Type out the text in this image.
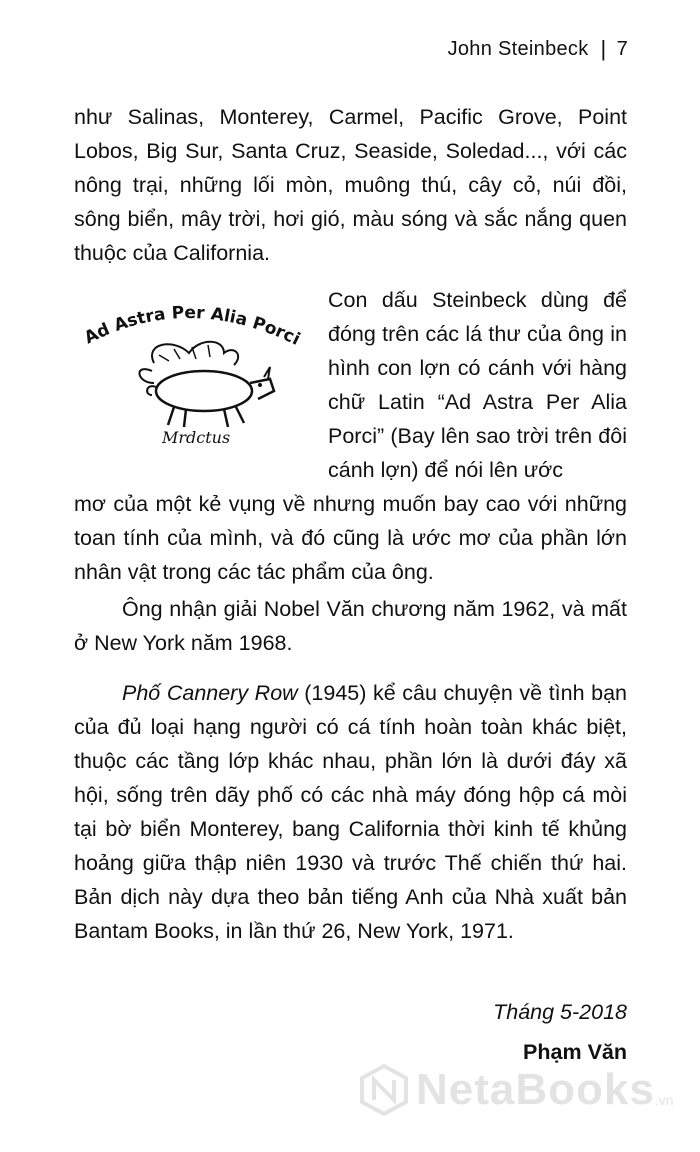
John Steinbeck | 7

như Salinas, Monterey, Carmel, Pacific Grove, Point Lobos, Big Sur, Santa Cruz, Seaside, Soledad..., với các nông trại, những lối mòn, muông thú, cây cỏ, núi đồi, sông biển, mây trời, hơi gió, màu sóng và sắc nắng quen thuộc của California.

Ad Astra Per Alia Porci
Mrdctus

Con dấu Steinbeck dùng để đóng trên các lá thư của ông in hình con lợn có cánh với hàng chữ Latin “Ad Astra Per Alia Porci” (Bay lên sao trời trên đôi cánh lợn) để nói lên ước

mơ của một kẻ vụng về nhưng muốn bay cao với những toan tính của mình, và đó cũng là ước mơ của phần lớn nhân vật trong các tác phẩm của ông.

Ông nhận giải Nobel Văn chương năm 1962, và mất ở New York năm 1968.

Phố Cannery Row (1945) kể câu chuyện về tình bạn của đủ loại hạng người có cá tính hoàn toàn khác biệt, thuộc các tầng lớp khác nhau, phần lớn là dưới đáy xã hội, sống trên dãy phố có các nhà máy đóng hộp cá mòi tại bờ biển Monterey, bang California thời kinh tế khủng hoảng giữa thập niên 1930 và trước Thế chiến thứ hai. Bản dịch này dựa theo bản tiếng Anh của Nhà xuất bản Bantam Books, in lần thứ 26, New York, 1971.

Tháng 5-2018
Phạm Văn
NetaBooks .vn
